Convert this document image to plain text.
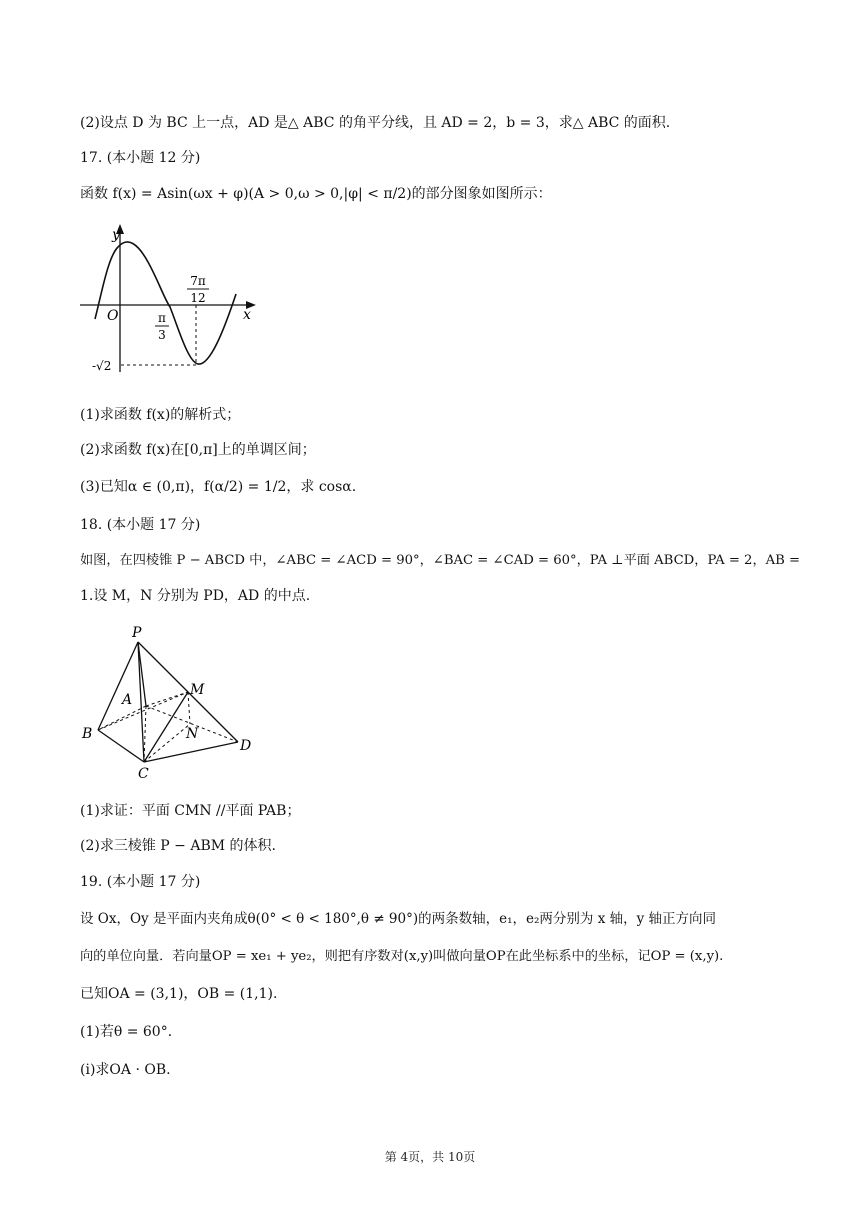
(2)设点 D 为 BC 上一点，AD 是△ ABC 的角平分线，且 AD = 2，b = 3，求△ ABC 的面积.
17. (本小题 12 分)
函数 f(x) = Asin(ωx + φ)(A > 0,ω > 0,|φ| < π/2)的部分图象如图所示：
y
x
O	π
3
7π
12
-√2
(1)求函数 f(x)的解析式；
(2)求函数 f(x)在[0,π]上的单调区间；
(3)已知α ∈ (0,π)，f(α/2) = 1/2，求 cosα.
18. (本小题 17 分)
如图，在四棱锥 P − ABCD 中，∠ABC = ∠ACD = 90°，∠BAC = ∠CAD = 60°，PA ⊥平面 ABCD，PA = 2，AB =
1.设 M，N 分别为 PD，AD 的中点.
P
A
B
C
D
M
N
(1)求证：平面 CMN //平面 PAB；
(2)求三棱锥 P − ABM 的体积.
19. (本小题 17 分)
设 Ox，Oy 是平面内夹角成θ(0° < θ < 180°,θ ≠ 90°)的两条数轴，e₁，e₂两分别为 x 轴，y 轴正方向同
向的单位向量．若向量OP = xe₁ + ye₂，则把有序数对(x,y)叫做向量OP在此坐标系中的坐标，记OP = (x,y).
已知OA = (3,1)，OB = (1,1).
(1)若θ = 60°．
(ⅰ)求OA · OB.
第 4页，共 10页
